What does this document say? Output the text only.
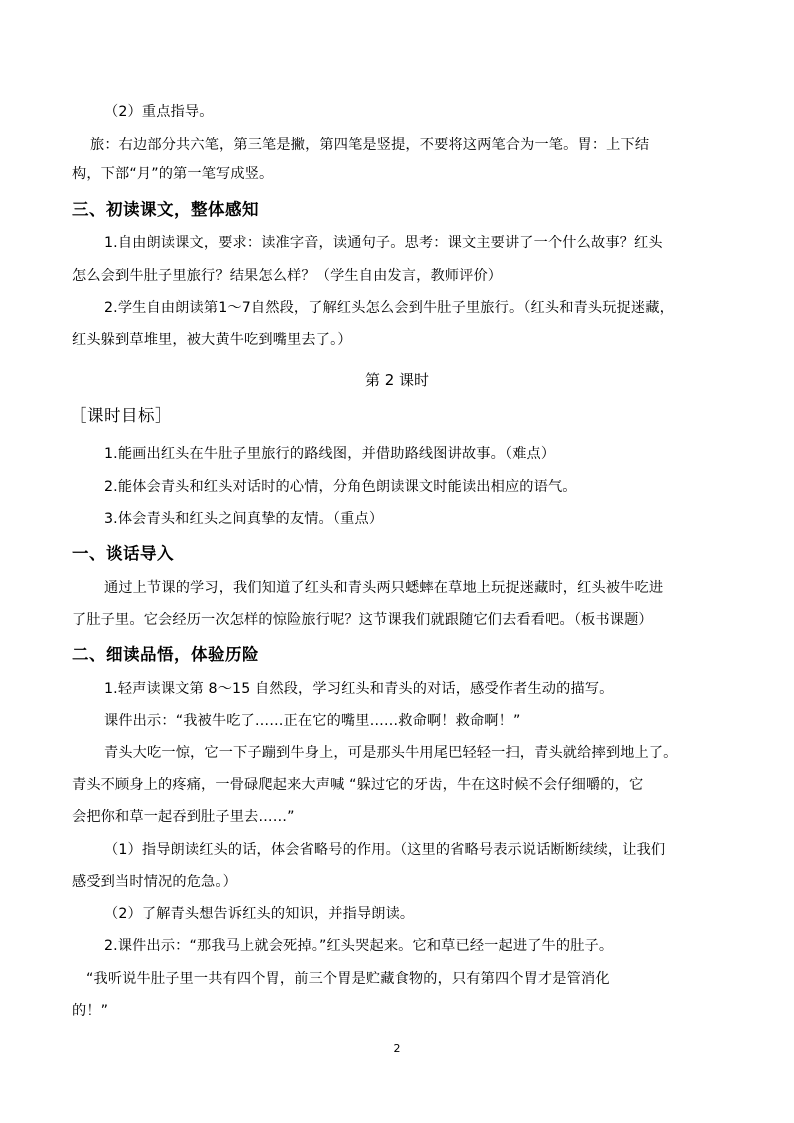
（2）重点指导。
旅：右边部分共六笔，第三笔是撇，第四笔是竖提，不要将这两笔合为一笔。胃：上下结
构，下部“月”的第一笔写成竖。
三、初读课文，整体感知
1.自由朗读课文，要求：读准字音，读通句子。思考：课文主要讲了一个什么故事？红头
怎么会到牛肚子里旅行？结果怎么样？（学生自由发言，教师评价）
2.学生自由朗读第1～7自然段，了解红头怎么会到牛肚子里旅行。（红头和青头玩捉迷藏，
红头躲到草堆里，被大黄牛吃到嘴里去了。）
第 2 课时
［课时目标］
1.能画出红头在牛肚子里旅行的路线图，并借助路线图讲故事。（难点）
2.能体会青头和红头对话时的心情，分角色朗读课文时能读出相应的语气。
3.体会青头和红头之间真挚的友情。（重点）
一、谈话导入
通过上节课的学习，我们知道了红头和青头两只蟋蟀在草地上玩捉迷藏时，红头被牛吃进
了肚子里。它会经历一次怎样的惊险旅行呢？这节课我们就跟随它们去看看吧。（板书课题）
二、细读品悟，体验历险
1.轻声读课文第 8～15 自然段，学习红头和青头的对话，感受作者生动的描写。
课件出示：“我被牛吃了……正在它的嘴里……救命啊！救命啊！”
青头大吃一惊，它一下子蹦到牛身上，可是那头牛用尾巴轻轻一扫，青头就给摔到地上了。
青头不顾身上的疼痛，一骨碌爬起来大声喊 “躲过它的牙齿，牛在这时候不会仔细嚼的，它
会把你和草一起吞到肚子里去……”
（1）指导朗读红头的话，体会省略号的作用。（这里的省略号表示说话断断续续，让我们
感受到当时情况的危急。）
（2）了解青头想告诉红头的知识，并指导朗读。
2.课件出示：“那我马上就会死掉。”红头哭起来。它和草已经一起进了牛的肚子。
“我听说牛肚子里一共有四个胃，前三个胃是贮藏食物的，只有第四个胃才是管消化
的！”
2
